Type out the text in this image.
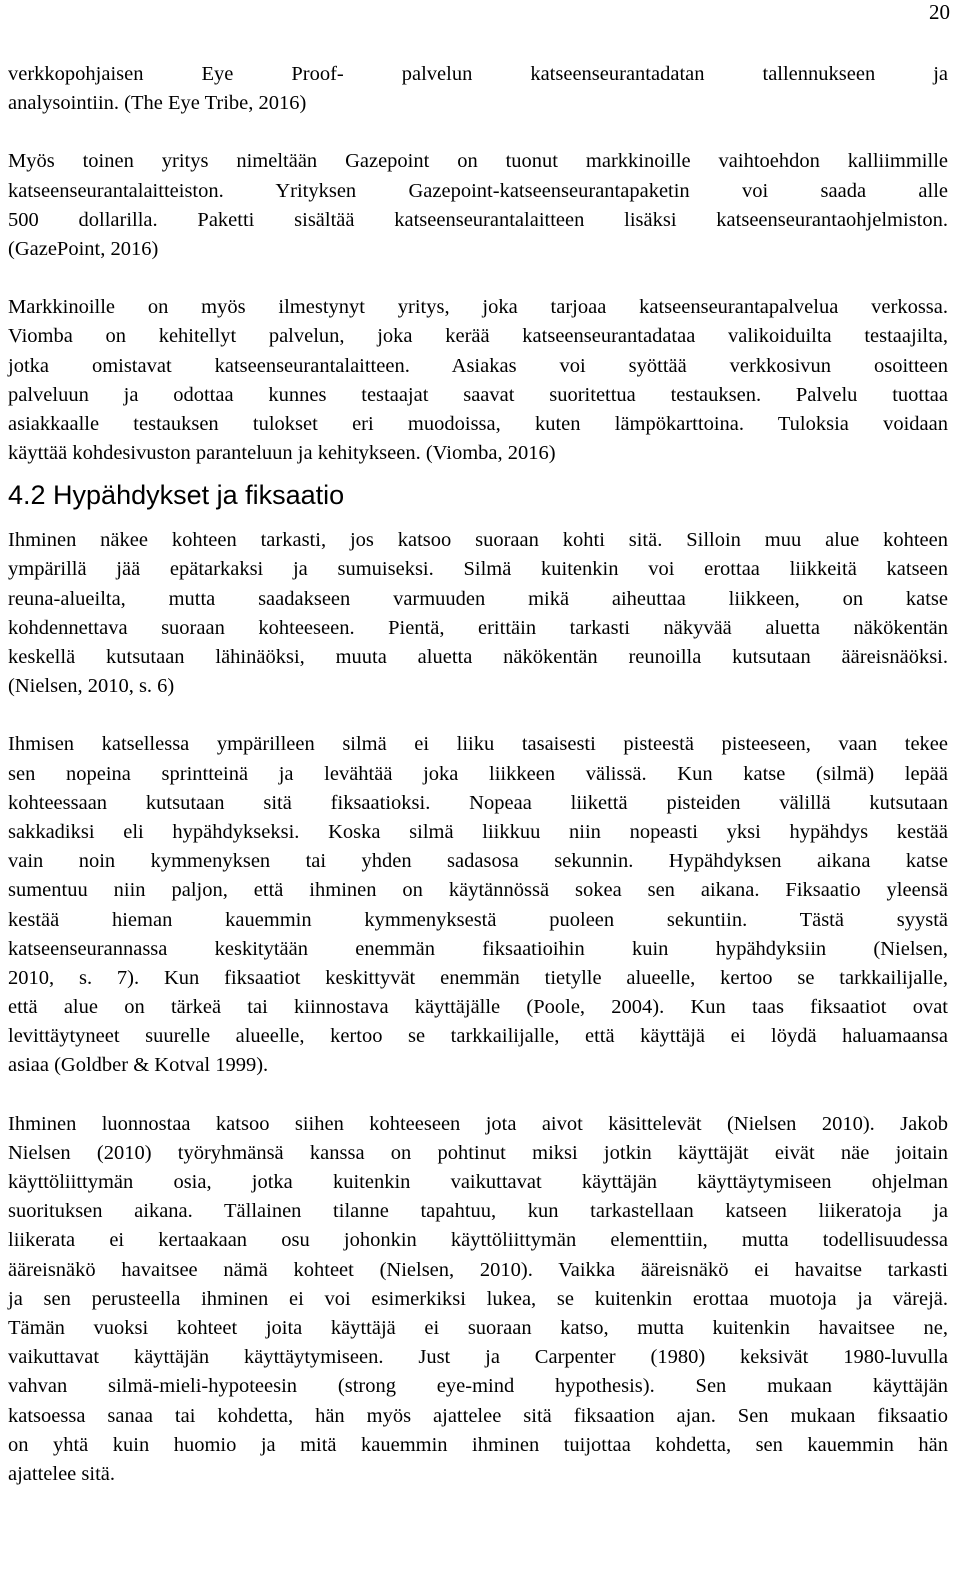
20
verkkopohjaisen Eye Proof- palvelun katseenseurantadatan tallennukseen ja
analysointiin. (The Eye Tribe, 2016)
Myös toinen yritys nimeltään Gazepoint on tuonut markkinoille vaihtoehdon kalliimmille
katseenseurantalaitteiston. Yrityksen Gazepoint-katseenseurantapaketin voi saada alle
500 dollarilla. Paketti sisältää katseenseurantalaitteen lisäksi katseenseurantaohjelmiston.
(GazePoint, 2016)
Markkinoille on myös ilmestynyt yritys, joka tarjoaa katseenseurantapalvelua verkossa.
Viomba on kehitellyt palvelun, joka kerää katseenseurantadataa valikoiduilta testaajilta,
jotka omistavat katseenseurantalaitteen. Asiakas voi syöttää verkkosivun osoitteen
palveluun ja odottaa kunnes testaajat saavat suoritettua testauksen. Palvelu tuottaa
asiakkaalle testauksen tulokset eri muodoissa, kuten lämpökarttoina. Tuloksia voidaan
käyttää kohdesivuston paranteluun ja kehitykseen. (Viomba, 2016)
4.2 Hypähdykset ja fiksaatio
Ihminen näkee kohteen tarkasti, jos katsoo suoraan kohti sitä. Silloin muu alue kohteen
ympärillä jää epätarkaksi ja sumuiseksi. Silmä kuitenkin voi erottaa liikkeitä katseen
reuna-alueilta, mutta saadakseen varmuuden mikä aiheuttaa liikkeen, on katse
kohdennettava suoraan kohteeseen. Pientä, erittäin tarkasti näkyvää aluetta näkökentän
keskellä kutsutaan lähinäöksi, muuta aluetta näkökentän reunoilla kutsutaan ääreisnäöksi.
(Nielsen, 2010, s. 6)
Ihmisen katsellessa ympärilleen silmä ei liiku tasaisesti pisteestä pisteeseen, vaan tekee
sen nopeina sprintteinä ja levähtää joka liikkeen välissä. Kun katse (silmä) lepää
kohteessaan kutsutaan sitä fiksaatioksi. Nopeaa liikettä pisteiden välillä kutsutaan
sakkadiksi eli hypähdykseksi. Koska silmä liikkuu niin nopeasti yksi hypähdys kestää
vain noin kymmenyksen tai yhden sadasosa sekunnin. Hypähdyksen aikana katse
sumentuu niin paljon, että ihminen on käytännössä sokea sen aikana. Fiksaatio yleensä
kestää hieman kauemmin kymmenyksestä puoleen sekuntiin. Tästä syystä
katseenseurannassa keskitytään enemmän fiksaatioihin kuin hypähdyksiin (Nielsen,
2010, s. 7). Kun fiksaatiot keskittyvät enemmän tietylle alueelle, kertoo se tarkkailijalle,
että alue on tärkeä tai kiinnostava käyttäjälle (Poole, 2004). Kun taas fiksaatiot ovat
levittäytyneet suurelle alueelle, kertoo se tarkkailijalle, että käyttäjä ei löydä haluamaansa
asiaa (Goldber & Kotval 1999).
Ihminen luonnostaa katsoo siihen kohteeseen jota aivot käsittelevät (Nielsen 2010). Jakob
Nielsen (2010) työryhmänsä kanssa on pohtinut miksi jotkin käyttäjät eivät näe joitain
käyttöliittymän osia, jotka kuitenkin vaikuttavat käyttäjän käyttäytymiseen ohjelman
suorituksen aikana. Tällainen tilanne tapahtuu, kun tarkastellaan katseen liikeratoja ja
liikerata ei kertaakaan osu johonkin käyttöliittymän elementtiin, mutta todellisuudessa
ääreisnäkö havaitsee nämä kohteet (Nielsen, 2010). Vaikka ääreisnäkö ei havaitse tarkasti
ja sen perusteella ihminen ei voi esimerkiksi lukea, se kuitenkin erottaa muotoja ja värejä.
Tämän vuoksi kohteet joita käyttäjä ei suoraan katso, mutta kuitenkin havaitsee ne,
vaikuttavat käyttäjän käyttäytymiseen. Just ja Carpenter (1980) keksivät 1980-luvulla
vahvan silmä-mieli-hypoteesin (strong eye-mind hypothesis). Sen mukaan käyttäjän
katsoessa sanaa tai kohdetta, hän myös ajattelee sitä fiksaation ajan. Sen mukaan fiksaatio
on yhtä kuin huomio ja mitä kauemmin ihminen tuijottaa kohdetta, sen kauemmin hän
ajattelee sitä.
